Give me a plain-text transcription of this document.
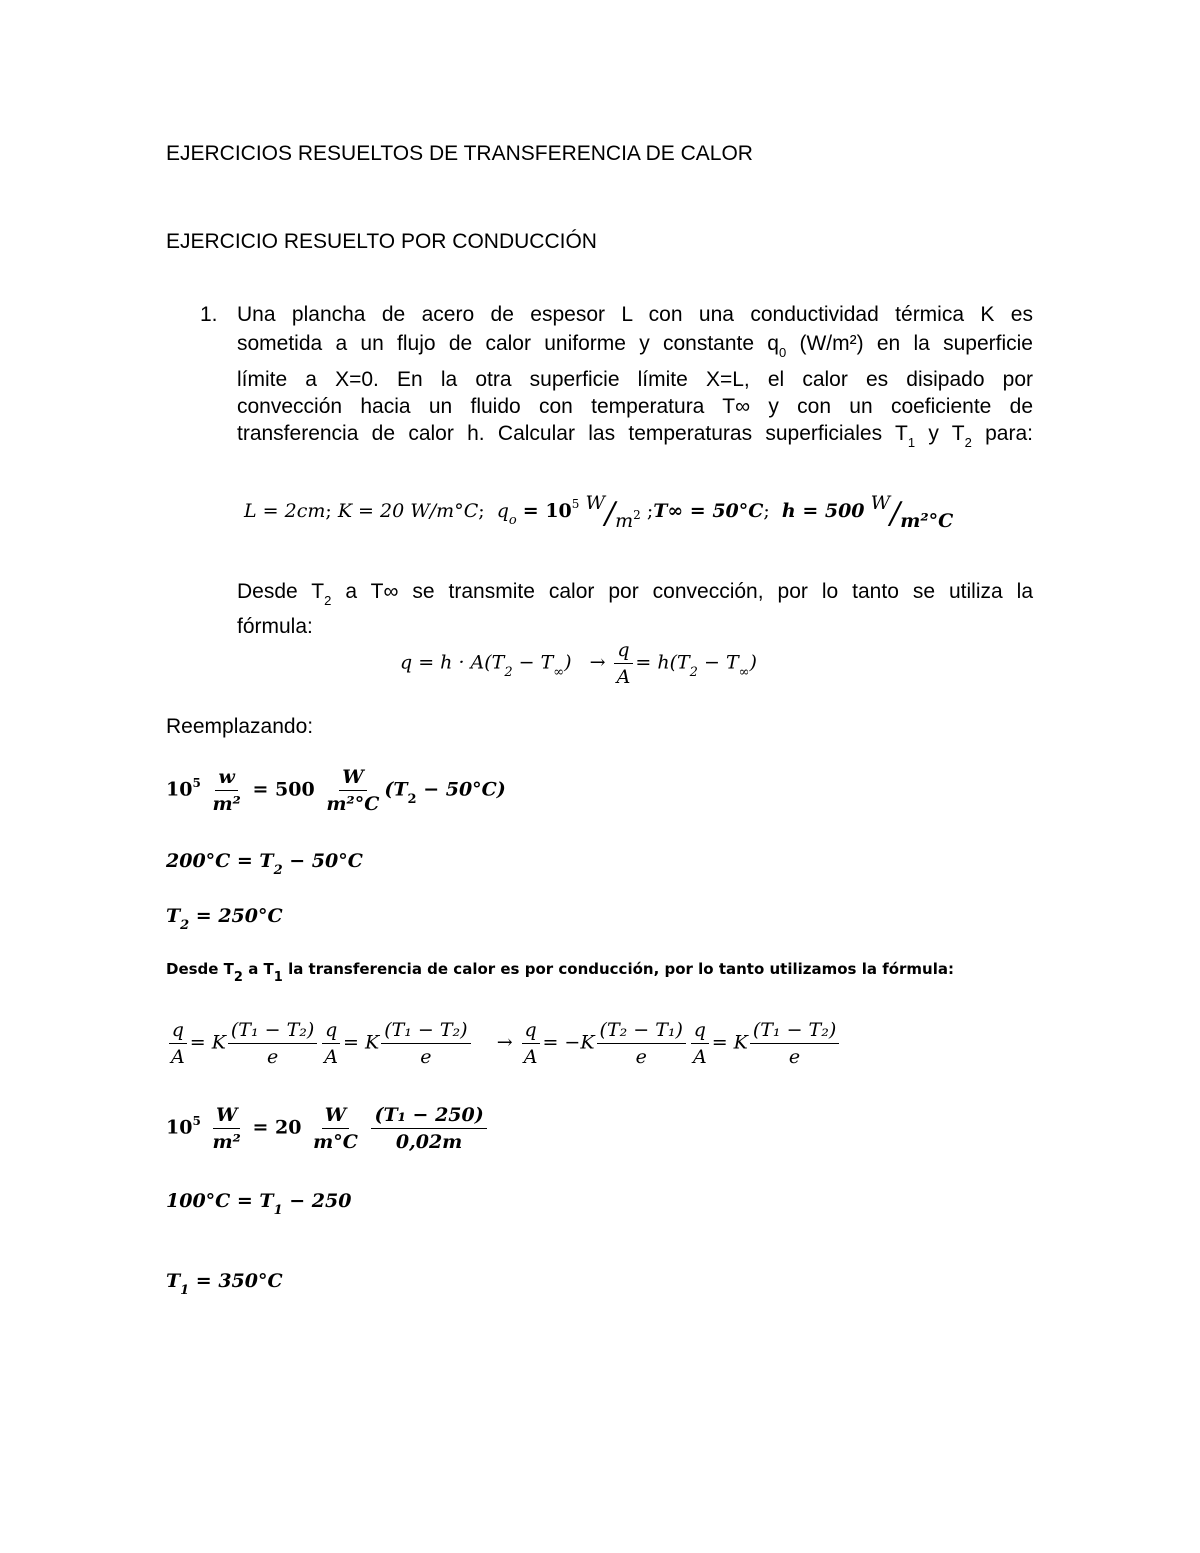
EJERCICIOS RESUELTOS DE TRANSFERENCIA DE CALOR
EJERCICIO RESUELTO POR CONDUCCIÓN
1. Una plancha de acero de espesor L con una conductividad térmica K es
sometida a un flujo de calor uniforme y constante $q_0$ (W/m²) en la superficie
límite a X=0. En la otra superficie límite X=L, el calor es disipado por
convección hacia un fluido con temperatura T∞ y con un coeficiente de
transferencia de calor h. Calcular las temperaturas superficiales $T_1$ y $T_2$ para:
L = 2cm; K = 20 W/m°C; $q_o = 10^5$ W/m2 ;T∞ = 50°C; h = 500 W/m²°C
Desde $T_2$ a T∞ se transmite calor por convección, por lo tanto se utiliza la
fórmula:
$q = h \cdot A(T_2 - T_\infty) \to \frac{q}{A} = h(T_2 - T_\infty)$
Reemplazando:
$10^5 \frac{w}{\text{m²}} = 500 \frac{W}{\text{m²°C}} (T_2 - 50^\circ C)$
$200^\circ C = T_2 - 50^\circ C$
$T_2 = 250^\circ C$
Desde T2 a T1 la transferencia de calor es por conducción, por lo tanto utilizamos la fórmula:
$\frac{q}{A} = K \frac{\text{(T₁ − T₂)}}{e} \frac{q}{A} = K \frac{\text{(T₁ − T₂)}}{e} \to \frac{q}{A} = -K \frac{\text{(T₂ − T₁)}}{e} \frac{q}{A} = K \frac{\text{(T₁ − T₂)}}{e}$
$10^5 \frac{W}{\text{m²}} = 20 \frac{W}{m^\circ C}$
$\frac{\text{(T₁ − 250)}}{0,02m}$
$100^\circ C = T_1 - 250$
$T_1 = 350^\circ C$
